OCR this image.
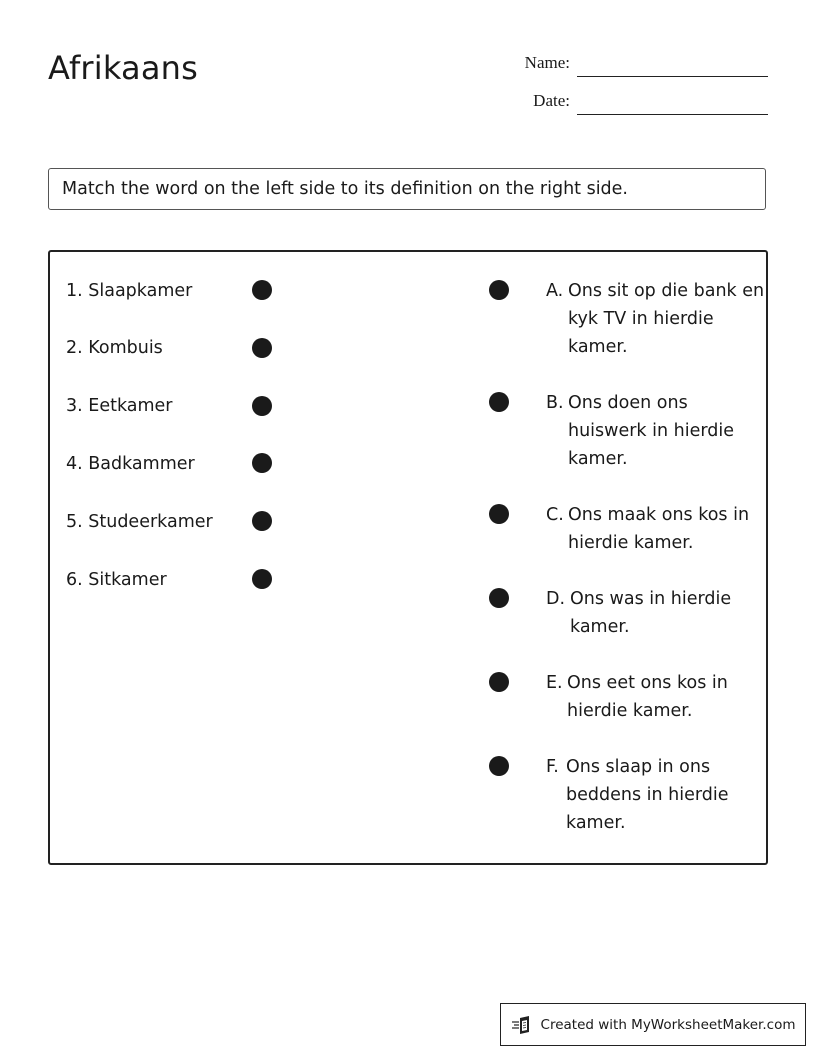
Afrikaans	Name:
Date:
Match the word on the left side to its definition on the right side.
1. Slaapkamer
2. Kombuis
3. Eetkamer
4. Badkammer
5. Studeerkamer
6. Sitkamer
A. Ons sit op die bank en kyk TV in hierdie kamer.
B. Ons doen ons huiswerk in hierdie kamer.
C. Ons maak ons kos in hierdie kamer.
D. Ons was in hierdie kamer.
E. Ons eet ons kos in hierdie kamer.
F. Ons slaap in ons beddens in hierdie kamer.
Created with MyWorksheetMaker.com
